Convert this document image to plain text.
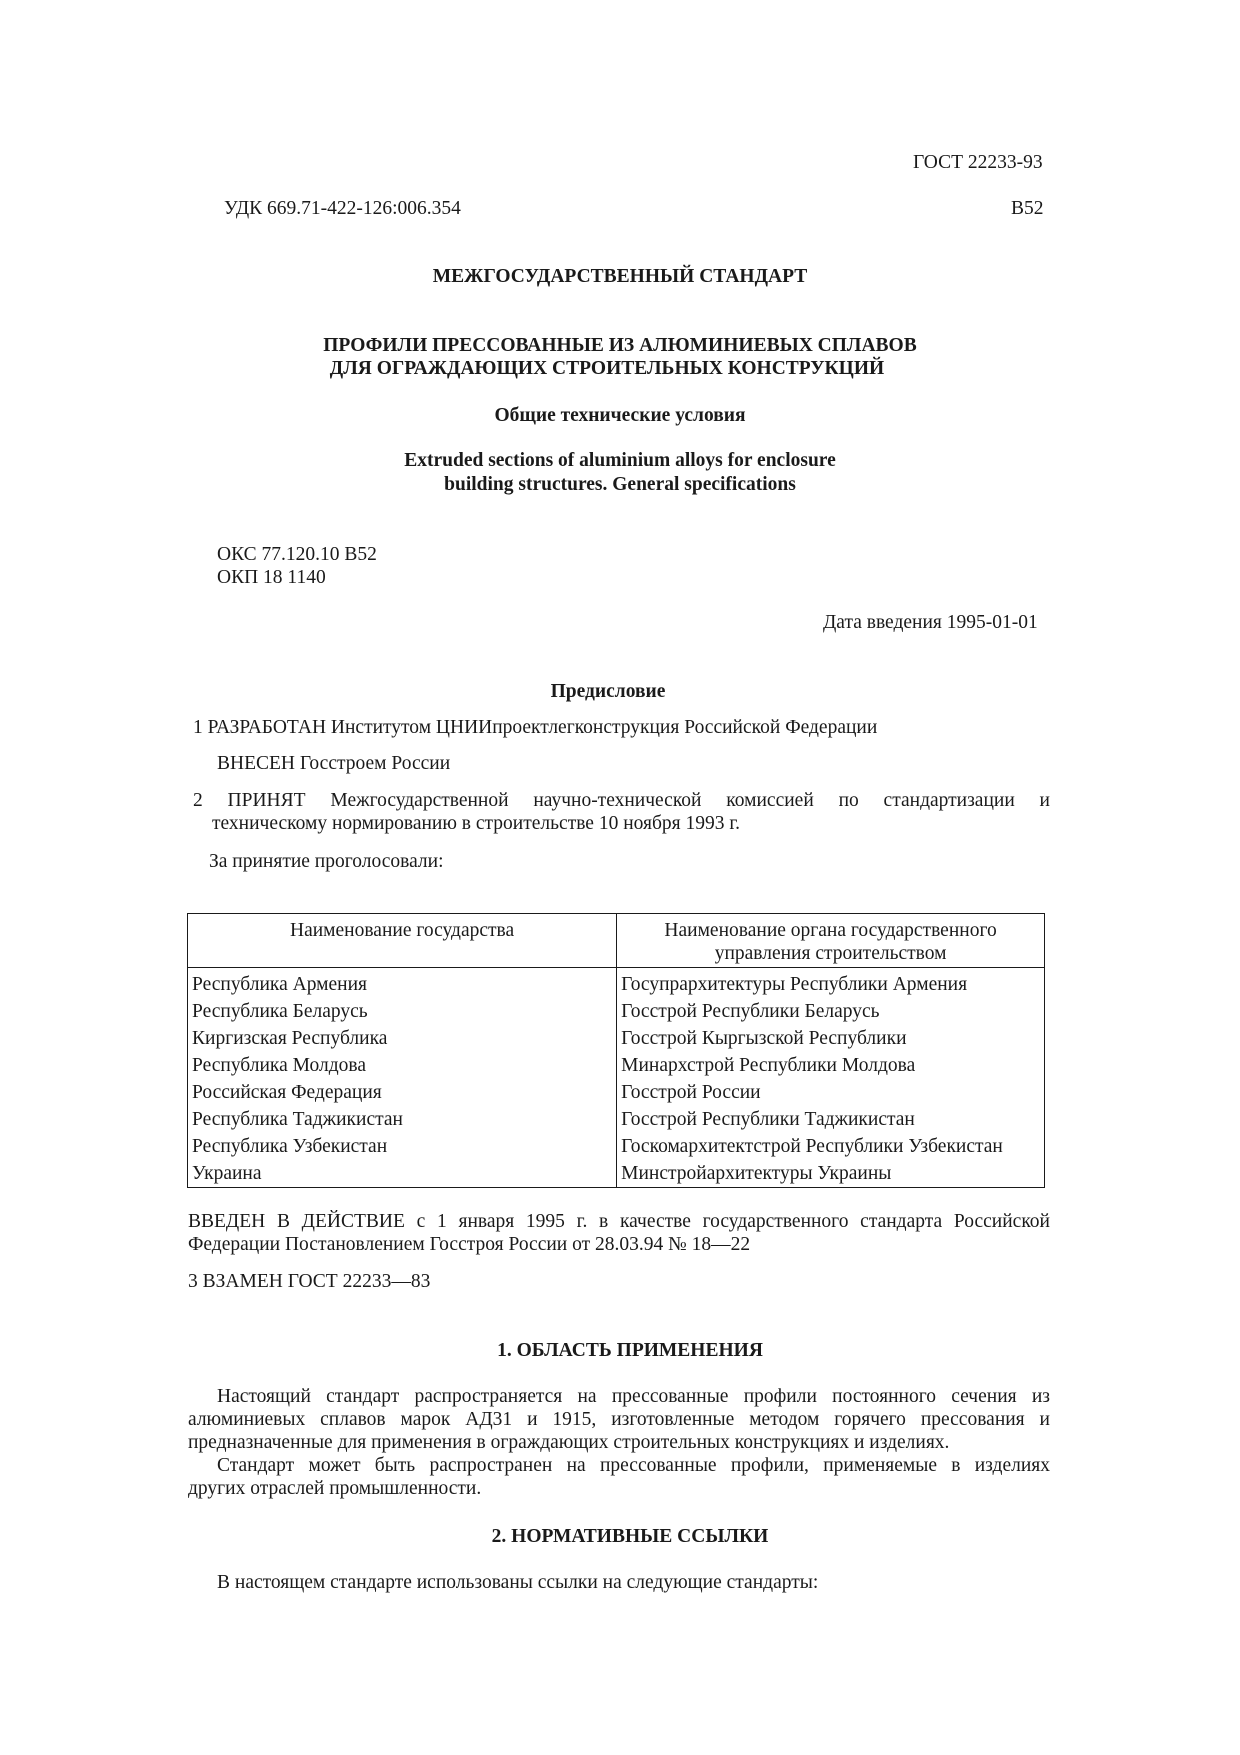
ГОСТ 22233-93
УДК 669.71-422-126:006.354	В52
МЕЖГОСУДАРСТВЕННЫЙ СТАНДАРТ
ПРОФИЛИ ПРЕССОВАННЫЕ ИЗ АЛЮМИНИЕВЫХ СПЛАВОВ
ДЛЯ ОГРАЖДАЮЩИХ СТРОИТЕЛЬНЫХ КОНСТРУКЦИЙ
Общие технические условия
Extruded sections of aluminium alloys for enclosure
building structures. General specifications
ОКС 77.120.10 В52
ОКП 18 1140
Дата введения 1995-01-01
Предисловие
1 РАЗРАБОТАН Институтом ЦНИИпроектлегконструкция Российской Федерации
ВНЕСЕН Госстроем России
2 ПРИНЯТ Межгосударственной научно-технической комиссией по стандартизации и
техническому нормированию в строительстве 10 ноября 1993 г.
За принятие проголосовали:
Наименование государства	Наименование органа государственного управления строительством
Республика Армения	Госупрархитектуры Республики Армения
Республика Беларусь	Госстрой Республики Беларусь
Киргизская Республика	Госстрой Кыргызской Республики
Республика Молдова	Минархстрой Республики Молдова
Российская Федерация	Госстрой России
Республика Таджикистан	Госстрой Республики Таджикистан
Республика Узбекистан	Госкомархитектстрой Республики Узбекистан
Украина	Минстройархитектуры Украины
ВВЕДЕН В ДЕЙСТВИЕ с 1 января 1995 г. в качестве государственного стандарта Российской
Федерации Постановлением Госстроя России от 28.03.94 № 18—22
3 ВЗАМЕН ГОСТ 22233—83
1. ОБЛАСТЬ ПРИМЕНЕНИЯ
Настоящий стандарт распространяется на прессованные профили постоянного сечения из
алюминиевых сплавов марок АД31 и 1915, изготовленные методом горячего прессования и
предназначенные для применения в ограждающих строительных конструкциях и изделиях.
Стандарт может быть распространен на прессованные профили, применяемые в изделиях
других отраслей промышленности.
2. НОРМАТИВНЫЕ ССЫЛКИ
В настоящем стандарте использованы ссылки на следующие стандарты:
